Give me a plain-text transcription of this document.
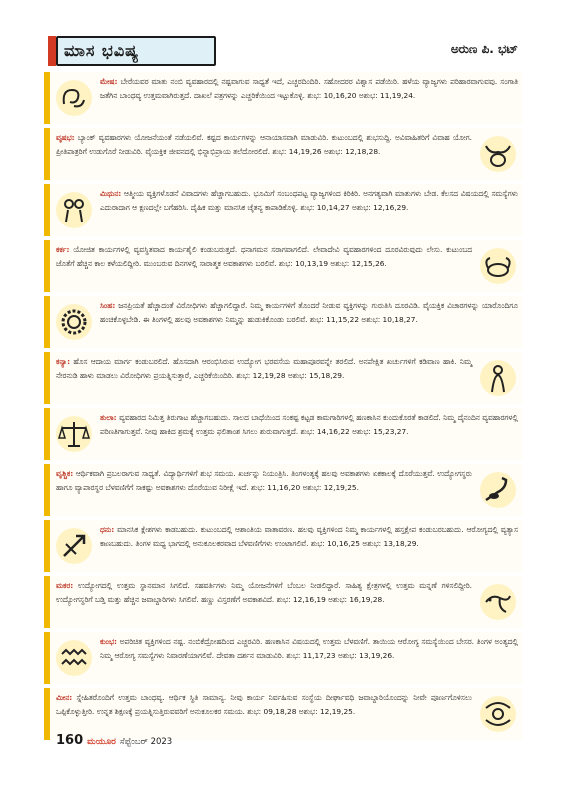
ಮಾಸ ಭವಿಷ್ಯ	ಅರುಣ ಪಿ. ಭಟ್
ಮೇಷ: ಬೇರೆಯವರ ಮಾತು ನಂಬಿ ವ್ಯವಹಾರದಲ್ಲಿ ನಷ್ಟವಾಗುವ ಸಾಧ್ಯತೆ ಇದೆ, ಎಚ್ಚರದಿಂದಿರಿ. ಸಹೋದರರ ವಿಶ್ವಾಸ ಪಡೆಯಿರಿ. ಹಳೆಯ ವ್ಯಾಜ್ಯಗಳು ಪರಿಹಾರವಾಗುವವು. ಸಂಗಾತಿ ಜತೆಗಿನ ಬಾಂಧವ್ಯ ಉತ್ತಮವಾಗಿರುತ್ತದೆ. ದಾಖಲೆ ಪತ್ರಗಳನ್ನು ಎಚ್ಚರಿಕೆಯಿಂದ ಇಟ್ಟುಕೊಳ್ಳಿ. ಶುಭ: 10,16,20 ಅಶುಭ: 11,19,24.
ವೃಷಭ: ಬ್ಯಾಂಕ್ ವ್ಯವಹಾರಗಳು ಯೋಜನೆಯಂತೆ ನಡೆಯಲಿವೆ. ಕಷ್ಟದ ಕಾರ್ಯಗಳನ್ನು ಆನಾಯಾಸವಾಗಿ ಮಾಡುವಿರಿ. ಕುಟುಂಬದಲ್ಲಿ ಶುಭಸುದ್ದಿ. ಅವಿವಾಹಿತರಿಗೆ ವಿವಾಹ ಯೋಗ. ಪ್ರೀತಿಪಾತ್ರರಿಗೆ ಉಡುಗೊರೆ ನೀಡುವಿರಿ. ವೈಯಕ್ತಿಕ ಜೀವನದಲ್ಲಿ ಭಿನ್ನಾಭಿಪ್ರಾಯ ತಲೆದೋರಲಿದೆ. ಶುಭ: 14,19,26 ಅಶುಭ: 12,18,28.
ಮಿಥುನ: ಆತ್ಮೀಯ ವ್ಯಕ್ತಿಗಳೊಡನೆ ವಿವಾದಗಳು ಹೆಚ್ಚಾಗಬಹುದು. ಭೂಮಿಗೆ ಸಂಬಂಧಪಟ್ಟ ವ್ಯಾಜ್ಯಗಳಿಂದ ಕಿರಿಕಿರಿ. ಅನಗತ್ಯವಾಗಿ ಮಾತುಗಳು ಬೇಡ. ಕೆಲಸದ ವಿಷಯದಲ್ಲಿ ಸಮಸ್ಯೆಗಳು ಎದುರಾದಾಗ ಆ ಕ್ಷಣದಲ್ಲೇ ಬಗೆಹರಿಸಿ. ದೈಹಿಕ ಮತ್ತು ಮಾನಸಿಕ ಚೈತನ್ಯ ಕಾಪಾಡಿಕೊಳ್ಳಿ. ಶುಭ: 10,14,27 ಅಶುಭ: 12,16,29.
ಕರ್ಕ: ಯೋಜಿತ ಕಾರ್ಯಗಳಲ್ಲಿ ವ್ಯವಸ್ಥಿತವಾದ ಕಾರ್ಯಶೈಲಿ ಕಂಡುಬರುತ್ತದೆ. ಧನಾಗಮನ ಸರಾಗವಾಗಲಿದೆ. ಲೇವಾದೇವಿ ವ್ಯವಹಾರಗಳಿಂದ ದೂರವಿರುವುದು ಲೇಸು. ಕುಟುಂಬದ ಜೊತೆಗೆ ಹೆಚ್ಚಿನ ಕಾಲ ಕಳೆಯಲಿದ್ದೀರಿ. ಮುಂಬರುವ ದಿನಗಳಲ್ಲಿ ಸಾರಾತ್ಮಕ ಅವಕಾಶಗಳು ಬರಲಿವೆ. ಶುಭ: 10,13,19 ಅಶುಭ: 12,15,26.
ಸಿಂಹ: ಜನಪ್ರಿಯತೆ ಹೆಚ್ಚಾದಂತೆ ವಿರೋಧಿಗಳು ಹೆಚ್ಚಾಗಲಿದ್ದಾರೆ. ನಿಮ್ಮ ಕಾರ್ಯಗಳಿಗೆ ತೊಂದರೆ ನೀಡುವ ವ್ಯಕ್ತಿಗಳನ್ನು ಗುರುತಿಸಿ ದೂರವಿಡಿ. ವೈಯಕ್ತಿಕ ವಿಚಾರಗಳನ್ನು ಯಾರೊಂದಿಗೂ ಹಂಚಿಕೊಳ್ಳಬೇಡಿ. ಈ ತಿಂಗಳಲ್ಲಿ ಹಲವು ಅವಕಾಶಗಳು ನಿಮ್ಮನ್ನು ಹುಡುಕಿಕೊಂಡು ಬರಲಿವೆ. ಶುಭ: 11,15,22 ಅಶುಭ: 10,18,27.
ಕನ್ಯಾ: ಹೊಸ ಆದಾಯ ಮಾರ್ಗ ಕಂಡುಬರಲಿದೆ. ಹೊಸದಾಗಿ ಆರಂಭಿಸಿರುವ ಉದ್ಯೋಗ ಭರವಸೆಯ ಮಹಾಪೂರವನ್ನೇ ತರಲಿದೆ. ಅನಪೇಕ್ಷಿತ ಖರ್ಚುಗಳಿಗೆ ಕಡಿವಾಣ ಹಾಕಿ. ನಿಮ್ಮ ನೇರನುಡಿ ಹಾಳು ಮಾಡಲು ವಿರೋಧಿಗಳು ಪ್ರಯತ್ನಿಸುತ್ತಾರೆ, ಎಚ್ಚರಿಕೆಯಿಂದಿರಿ. ಶುಭ: 12,19,28 ಅಶುಭ: 15,18,29.
ತುಲಾ: ವ್ಯವಹಾರದ ನಿಮಿತ್ತ ತಿರುಗಾಟ ಹೆಚ್ಚಾಗಬಹುದು. ಸಾಲದ ಬಾಧೆಯಿಂದ ಸಂಕಷ್ಟ ಕಟ್ಟಡ ಕಾಮಗಾರಿಗಳಲ್ಲಿ ಹಣಕಾಸಿನ ಕುಂದುಕೊರತೆ ಕಾಡಲಿದೆ. ನಿಮ್ಮ ದೈನಂದಿನ ವ್ಯವಹಾರಗಳಲ್ಲಿ ಪರಿಣತಿಗಾಗುತ್ತವೆ. ನೀವು ಹಾಕಿದ ಶ್ರಮಕ್ಕೆ ಉತ್ತಮ ಫಲಿತಾಂಶ ಸಿಗಲು ಶುರುವಾಗುತ್ತದೆ. ಶುಭ: 14,16,22 ಅಶುಭ: 15,23,27.
ವೃಶ್ಚಿಕ: ಆರ್ಥಿಕವಾಗಿ ಪ್ರಬಲರಾಗುವ ಸಾಧ್ಯತೆ. ವಿದ್ಯಾರ್ಥಿಗಳಿಗೆ ಶುಭ ಸಮಯ. ಖರ್ಚನ್ನು ನಿಯಂತ್ರಿಸಿ. ತಿಂಗಳಂತ್ಯಕ್ಕೆ ಹಲವು ಅವಕಾಶಗಳು ಏಕಕಾಲಕ್ಕೆ ದೊರೆಯುತ್ತವೆ. ಉದ್ಯೋಗಸ್ಥರು ಹಾಗೂ ವ್ಯಾಪಾರಸ್ಥರ ಬೆಳವಣಿಗೆಗೆ ಸಾಕಷ್ಟು ಅವಕಾಶಗಳು ದೊರೆಯುವ ನಿರೀಕ್ಷೆ ಇದೆ. ಶುಭ: 11,16,20 ಅಶುಭ: 12,19,25.
ಧನು: ಮಾನಸಿಕ ಕ್ಲೇಶಗಳು ಕಾಡಬಹುದು. ಕುಟುಂಬದಲ್ಲಿ ಆಶಾಂತಿಯ ವಾತಾವರಣ. ಹಲವು ವ್ಯಕ್ತಿಗಳಿಂದ ನಿಮ್ಮ ಕಾರ್ಯಗಳಲ್ಲಿ ಹಸ್ತಕ್ಷೇಪ ಕಂಡುಬರಬಹುದು. ಆರೋಗ್ಯದಲ್ಲಿ ವ್ಯತ್ಯಾಸ ಕಾಣಬಹುದು. ತಿಂಗಳ ಮಧ್ಯ ಭಾಗದಲ್ಲಿ ಅನುಕೂಲಕರವಾದ ಬೆಳವಣಿಗೆಗಳು ಉಂಟಾಗಲಿವೆ. ಶುಭ: 10,16,25 ಅಶುಭ: 13,18,29.
ಮಕರ: ಉದ್ಯೋಗದಲ್ಲಿ ಉತ್ತಮ ಸ್ಥಾನಮಾನ ಸಿಗಲಿದೆ. ಸಹವರ್ತಿಗಳು ನಿಮ್ಮ ಯೋಜನೆಗಳಿಗೆ ಬೆಂಬಲ ನೀಡಲಿದ್ದಾರೆ. ಸಾಹಿತ್ಯ ಕ್ಷೇತ್ರಗಳಲ್ಲಿ ಉತ್ತಮ ಮನ್ನಣೆ ಗಳಿಸಲಿದ್ದೀರಿ. ಉದ್ಯೋಗಸ್ಥರಿಗೆ ಬಡ್ತಿ ಮತ್ತು ಹೆಚ್ಚಿನ ಜವಾಬ್ದಾರಿಗಳು ಸಿಗಲಿವೆ. ಹಣ್ಣು ವಿಸ್ತರಣೆಗೆ ಅವಕಾಶವಿದೆ. ಶುಭ: 12,16,19 ಅಶುಭ: 16,19,28.
ಕುಂಭ: ಅಪರಿಚಿತ ವ್ಯಕ್ತಿಗಳಿಂದ ನಷ್ಟ. ನಂಬಿಕೆದ್ರೋಹದಿಂದ ಎಚ್ಚರವಿರಿ. ಹಣಕಾಸಿನ ವಿಷಯದಲ್ಲಿ ಉತ್ತಮ ಬೆಳವಣಿಗೆ. ತಾಯಿಯ ಆರೋಗ್ಯ ಸಮಸ್ಯೆಯಿಂದ ಬೇಸರ. ತಿಂಗಳ ಅಂತ್ಯದಲ್ಲಿ ನಿಮ್ಮ ಆರೋಗ್ಯ ಸಮಸ್ಯೆಗಳು ನಿವಾರಣೆಯಾಗಲಿವೆ. ದೇವತಾ ದರ್ಶನ ಮಾಡುವಿರಿ. ಶುಭ: 11,17,23 ಅಶುಭ: 13,19,26.
ಮೀನ: ಸ್ನೇಹಿತರೊಂದಿಗೆ ಉತ್ತಮ ಬಾಂಧವ್ಯ. ಆರ್ಥಿಕ ಸ್ಥಿತಿ ಸಾಮಾನ್ಯ. ನೀವು ಕಾರ್ಯ ನಿರ್ವಹಿಸುವ ಸಂಸ್ಥೆಯ ದೀರ್ಘಾವಧಿ ಜವಾಬ್ದಾರಿಯೊಂದನ್ನು ನೀವೇ ಪೂರ್ಣಗೊಳಿಸಲು ಒಪ್ಪಿಕೊಳ್ಳುತ್ತೀರಿ. ಉನ್ನತ ಶಿಕ್ಷಣಕ್ಕೆ ಪ್ರಯತ್ನಿಸುತ್ತಿರುವವರಿಗೆ ಅನುಕೂಲಕರ ಸಮಯ. ಶುಭ: 09,18,28 ಅಶುಭ: 12,19,25.
160 ಮಯೂರ ಸೆಪ್ಟೆಂಬರ್ 2023
